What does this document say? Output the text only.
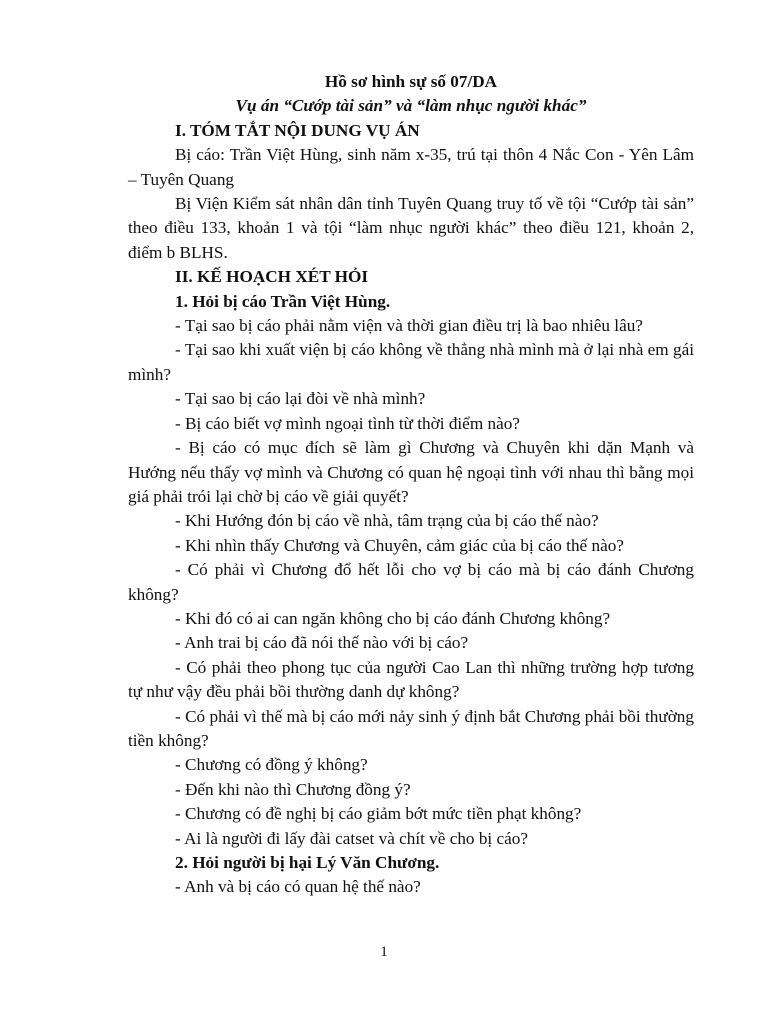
Hồ sơ hình sự số 07/DA

Vụ án “Cướp tài sản” và “làm nhục người khác”

I. TÓM TẮT NỘI DUNG VỤ ÁN

Bị cáo: Trần Việt Hùng, sinh năm x-35, trú tại thôn 4 Nắc Con - Yên Lâm – Tuyên Quang

Bị Viện Kiểm sát nhân dân tỉnh Tuyên Quang truy tố về tội “Cướp tài sản” theo điều 133, khoản 1 và tội “làm nhục người khác” theo điều 121, khoản 2, điểm b BLHS.

II. KẾ HOẠCH XÉT HỎI

1. Hỏi bị cáo Trần Việt Hùng.

- Tại sao bị cáo phải nằm viện và thời gian điều trị là bao nhiêu lâu?

- Tại sao khi xuất viện bị cáo không về thẳng nhà mình mà ở lại nhà em gái mình?

- Tại sao bị cáo lại đòi về nhà mình?

- Bị cáo biết vợ mình ngoại tình từ thời điểm nào?

- Bị cáo có mục đích sẽ làm gì Chương và Chuyên khi dặn Mạnh và Hướng nếu thấy vợ mình và Chương có quan hệ ngoại tình với nhau thì bằng mọi giá phải trói lại chờ bị cáo về giải quyết?

- Khi Hướng đón bị cáo về nhà, tâm trạng của bị cáo thế nào?

- Khi nhìn thấy Chương và Chuyên, cảm giác của bị cáo thế nào?

- Có phải vì Chương đổ hết lỗi cho vợ bị cáo mà bị cáo đánh Chương không?

- Khi đó có ai can ngăn không cho bị cáo đánh Chương không?

- Anh trai bị cáo đã nói thế nào với bị cáo?

- Có phải theo phong tục của người Cao Lan thì những trường hợp tương tự như vậy đều phải bồi thường danh dự không?

- Có phải vì thế mà bị cáo mới nảy sinh ý định bắt Chương phải bồi thường tiền không?

- Chương có đồng ý không?

- Đến khi nào thì Chương đồng ý?

- Chương có đề nghị bị cáo giảm bớt mức tiền phạt không?

- Ai là người đi lấy đài catset và chít về cho bị cáo?

2. Hỏi người bị hại Lý Văn Chương.

- Anh và bị cáo có quan hệ thế nào?

1
